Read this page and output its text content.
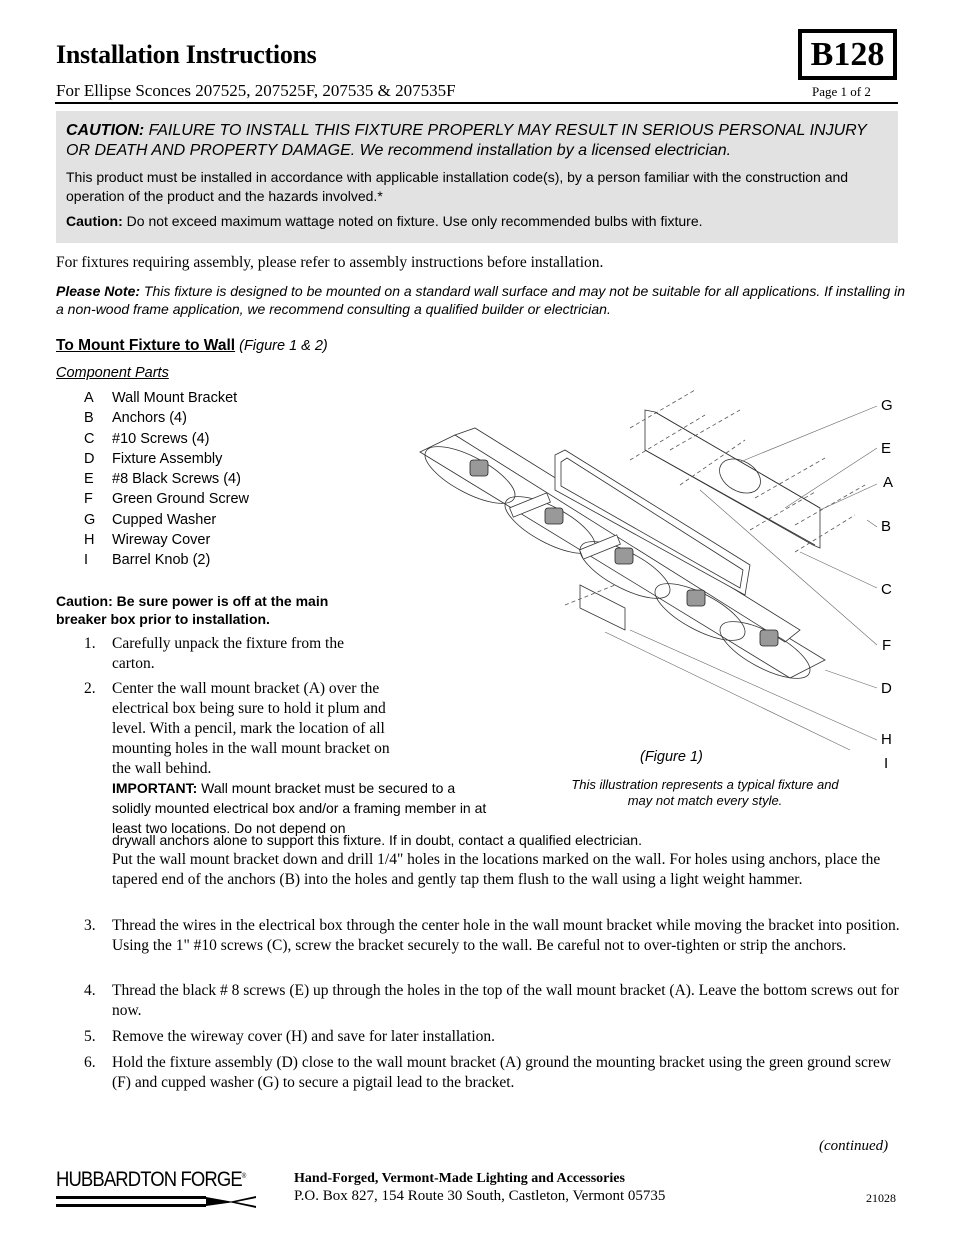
Installation Instructions
For Ellipse Sconces 207525, 207525F, 207535 & 207535F
B128
Page 1 of 2
CAUTION: FAILURE TO INSTALL THIS FIXTURE PROPERLY MAY RESULT IN SERIOUS PERSONAL INJURY OR DEATH AND PROPERTY DAMAGE. We recommend installation by a licensed electrician.
This product must be installed in accordance with applicable installation code(s), by a person familiar with the construction and operation of the product and the hazards involved.*
Caution: Do not exceed maximum wattage noted on fixture. Use only recommended bulbs with fixture.
For fixtures requiring assembly, please refer to assembly instructions before installation.
Please Note: This fixture is designed to be mounted on a standard wall surface and may not be suitable for all applications. If installing in a non-wood frame application, we recommend consulting a qualified builder or electrician.
To Mount Fixture to Wall (Figure 1 & 2)
Component Parts
A	Wall Mount Bracket
B	Anchors (4)
C	#10 Screws (4)
D	Fixture Assembly
E	#8 Black Screws (4)
F	Green Ground Screw
G	Cupped Washer
H	Wireway Cover
I	Barrel Knob (2)
Caution: Be sure power is off at the main breaker box prior to installation.
1.	Carefully unpack the fixture from the carton.
2.	Center the wall mount bracket (A) over the electrical box being sure to hold it plum and level. With a pencil, mark the location of all mounting holes in the wall mount bracket on the wall behind.
IMPORTANT: Wall mount bracket must be secured to a solidly mounted electrical box and/or a framing member in at least two locations. Do not depend on
drywall anchors alone to support this fixture. If in doubt, contact a qualified electrician.
Put the wall mount bracket down and drill 1/4" holes in the locations marked on the wall. For holes using anchors, place the tapered end of the anchors (B) into the holes and gently tap them flush to the wall using a light weight hammer.
3.	Thread the wires in the electrical box through the center hole in the wall mount bracket while moving the bracket into position. Using the 1" #10 screws (C), screw the bracket securely to the wall. Be careful not to over-tighten or strip the anchors.
4.	Thread the black # 8 screws (E) up through the holes in the top of the wall mount bracket (A). Leave the bottom screws out for now.
5.	Remove the wireway cover (H) and save for later installation.
6.	Hold the fixture assembly (D) close to the wall mount bracket (A) ground the mounting bracket using the green ground screw (F) and cupped washer (G) to secure a pigtail lead to the bracket.
G
E
A
B
C
F
D
H
I
(Figure 1)
This illustration represents a typical fixture and may not match every style.
(continued)
HUBBARDTON FORGE®	Hand-Forged, Vermont-Made Lighting and Accessories
P.O. Box 827, 154 Route 30 South, Castleton, Vermont 05735	21028
